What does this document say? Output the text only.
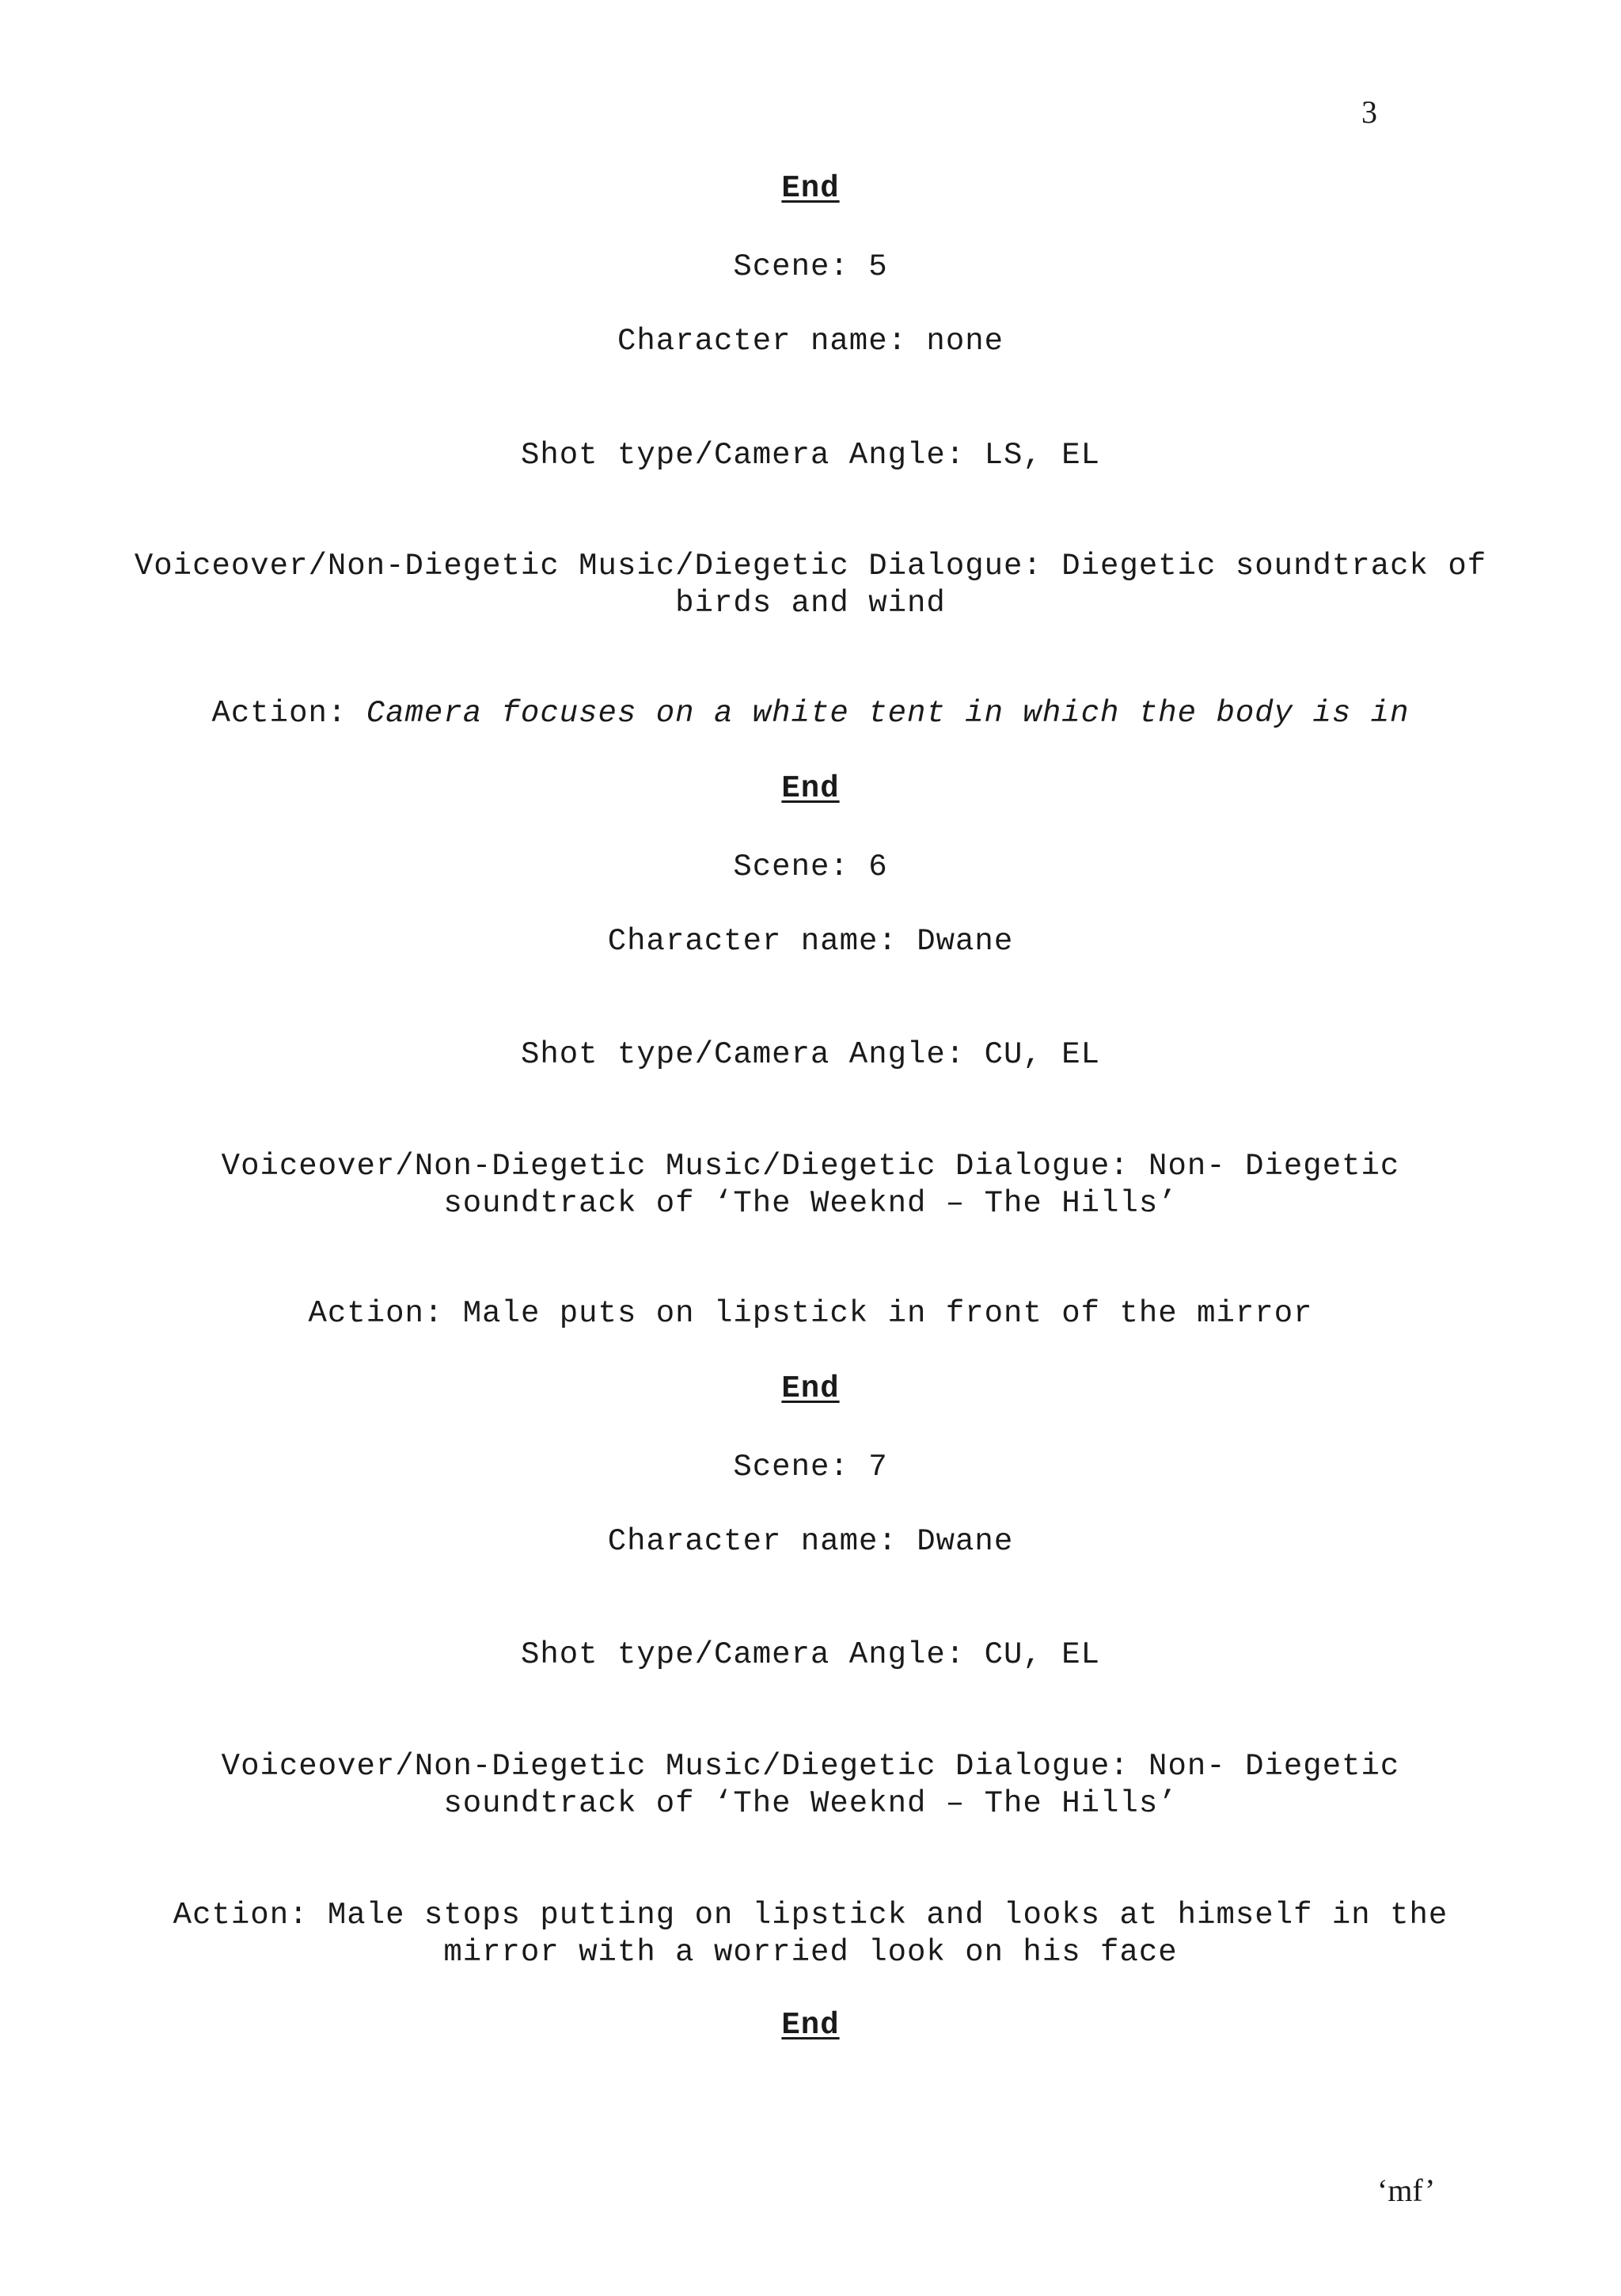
3
End
Scene: 5
Character name: none
Shot type/Camera Angle: LS, EL
Voiceover/Non-Diegetic Music/Diegetic Dialogue: Diegetic soundtrack of
birds and wind
Action: Camera focuses on a white tent in which the body is in
End
Scene: 6
Character name: Dwane
Shot type/Camera Angle: CU, EL
Voiceover/Non-Diegetic Music/Diegetic Dialogue: Non- Diegetic
soundtrack of ‘The Weeknd – The Hills’
Action: Male puts on lipstick in front of the mirror
End
Scene: 7
Character name: Dwane
Shot type/Camera Angle: CU, EL
Voiceover/Non-Diegetic Music/Diegetic Dialogue: Non- Diegetic
soundtrack of ‘The Weeknd – The Hills’
Action: Male stops putting on lipstick and looks at himself in the
mirror with a worried look on his face
End
‘mf’
